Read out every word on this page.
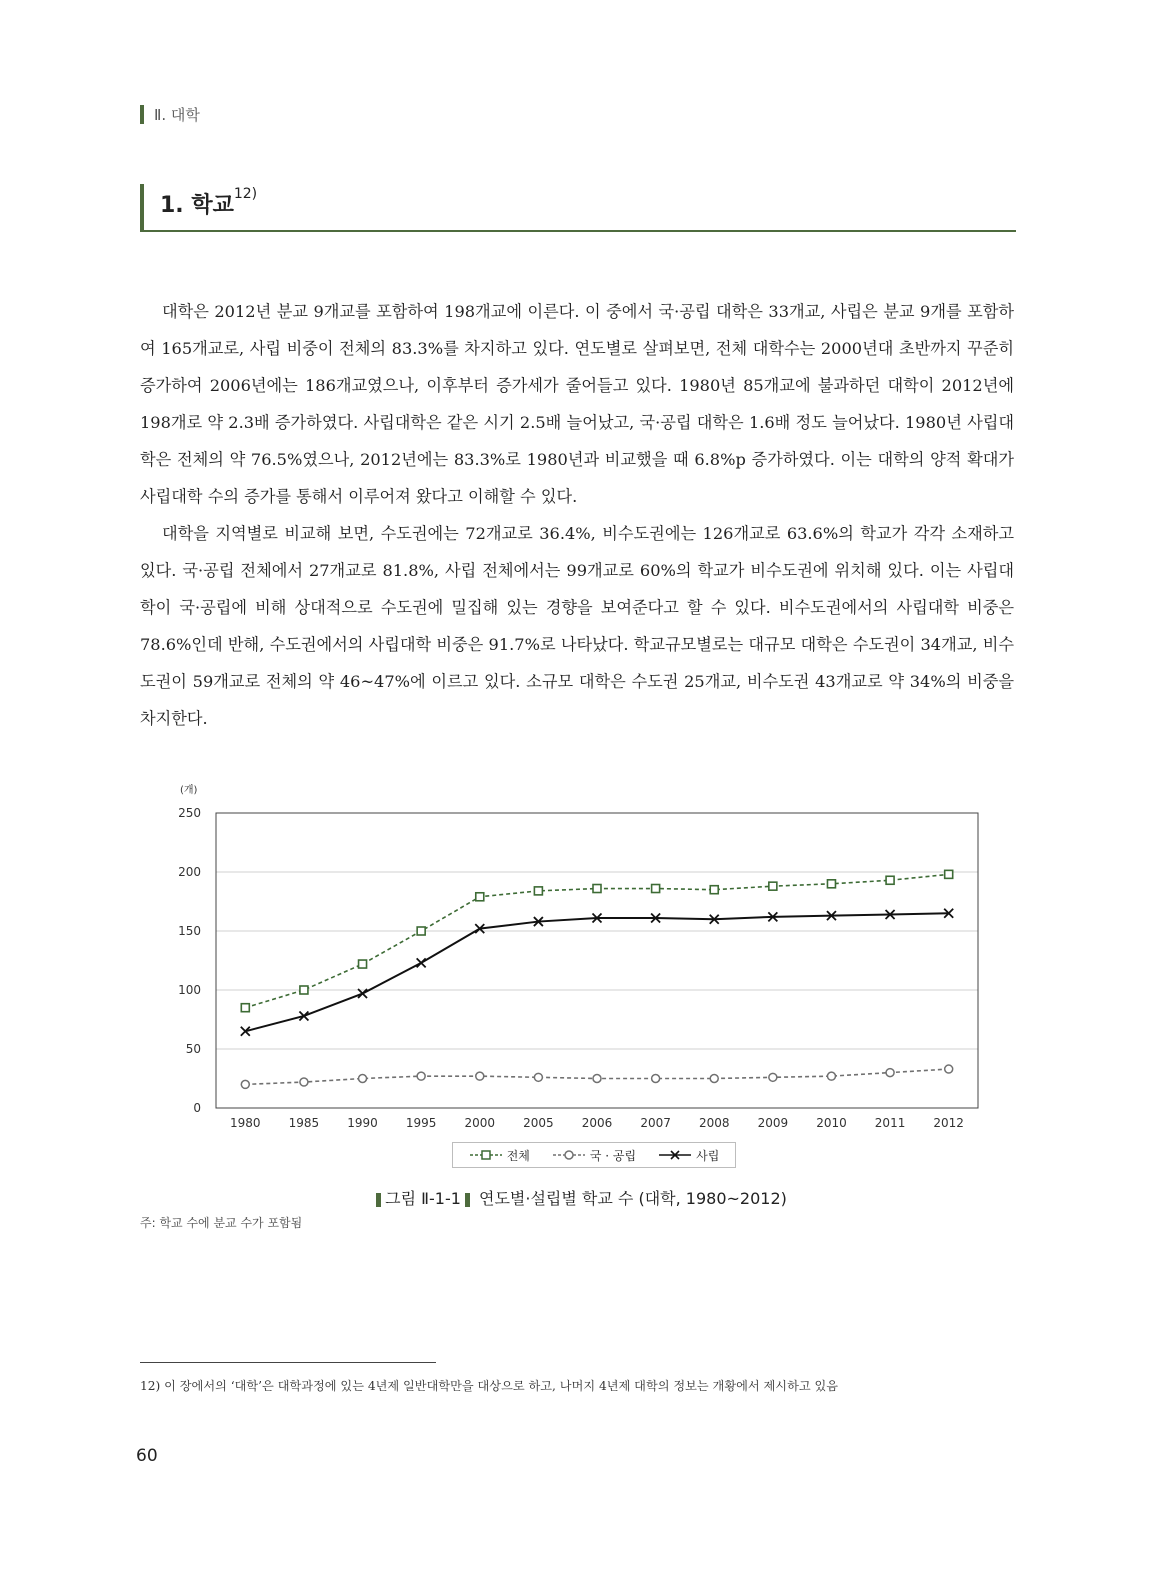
Ⅱ. 대학
1. 학교$^{12)}$

대학은 2012년 분교 9개교를 포함하여 198개교에 이른다. 이 중에서 국·공립 대학은 33개교, 사립은 분교 9개를 포함하여 165개교로, 사립 비중이 전체의 83.3%를 차지하고 있다. 연도별로 살펴보면, 전체 대학수는 2000년대 초반까지 꾸준히 증가하여 2006년에는 186개교였으나, 이후부터 증가세가 줄어들고 있다. 1980년 85개교에 불과하던 대학이 2012년에 198개로 약 2.3배 증가하였다. 사립대학은 같은 시기 2.5배 늘어났고, 국·공립 대학은 1.6배 정도 늘어났다. 1980년 사립대학은 전체의 약 76.5%였으나, 2012년에는 83.3%로 1980년과 비교했을 때 6.8%p 증가하였다. 이는 대학의 양적 확대가 사립대학 수의 증가를 통해서 이루어져 왔다고 이해할 수 있다.

대학을 지역별로 비교해 보면, 수도권에는 72개교로 36.4%, 비수도권에는 126개교로 63.6%의 학교가 각각 소재하고 있다. 국·공립 전체에서 27개교로 81.8%, 사립 전체에서는 99개교로 60%의 학교가 비수도권에 위치해 있다. 이는 사립대학이 국·공립에 비해 상대적으로 수도권에 밀집해 있는 경향을 보여준다고 할 수 있다. 비수도권에서의 사립대학 비중은 78.6%인데 반해, 수도권에서의 사립대학 비중은 91.7%로 나타났다. 학교규모별로는 대규모 대학은 수도권이 34개교, 비수도권이 59개교로 전체의 약 46~47%에 이르고 있다. 소규모 대학은 수도권 25개교, 비수도권 43개교로 약 34%의 비중을 차지한다.

0
50
100
150
200
250
1980 1985 1990 1995 2000 2005 2006 2007 2008 2009 2010 2011 2012
(개)
전체	국 · 공립	사립
그림 Ⅱ-1-1 연도별·설립별 학교 수 (대학, 1980~2012)
주: 학교 수에 분교 수가 포함됨
12) 이 장에서의 ‘대학’은 대학과정에 있는 4년제 일반대학만을 대상으로 하고, 나머지 4년제 대학의 정보는 개황에서 제시하고 있음
60
